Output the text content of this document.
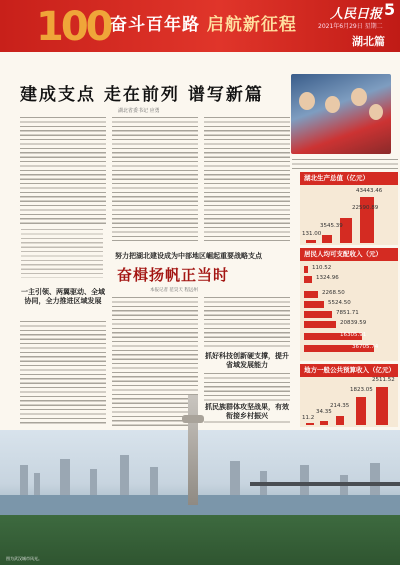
100 奋斗百年路 启航新征程
人民日报 5
2021年6月29日 星期二
湖北篇
建成支点 走在前列 谱写新篇
湖北省委书记 应勇
一主引领、两翼驱动、全域协同，全力推进区域发展
努力把湖北建设成为中部地区崛起重要战略支点
奋楫扬帆正当时
本报记者 范昊天 程远州
抓好科技创新硬支撑，提升省域发展能力
抓民族群体攻坚战果，有效衔接乡村振兴
湖北生产总值（亿元）
131.00
3545.39
22590.89
43443.46
居民人均可支配收入（元）
110.52
1324.96
2268.50
5524.50
7851.71
20839.59
16305.91
36705.74
地方一般公共预算收入（亿元）
11.2
34.35
214.35
1823.05
2511.52
图为武汉城市风光。
